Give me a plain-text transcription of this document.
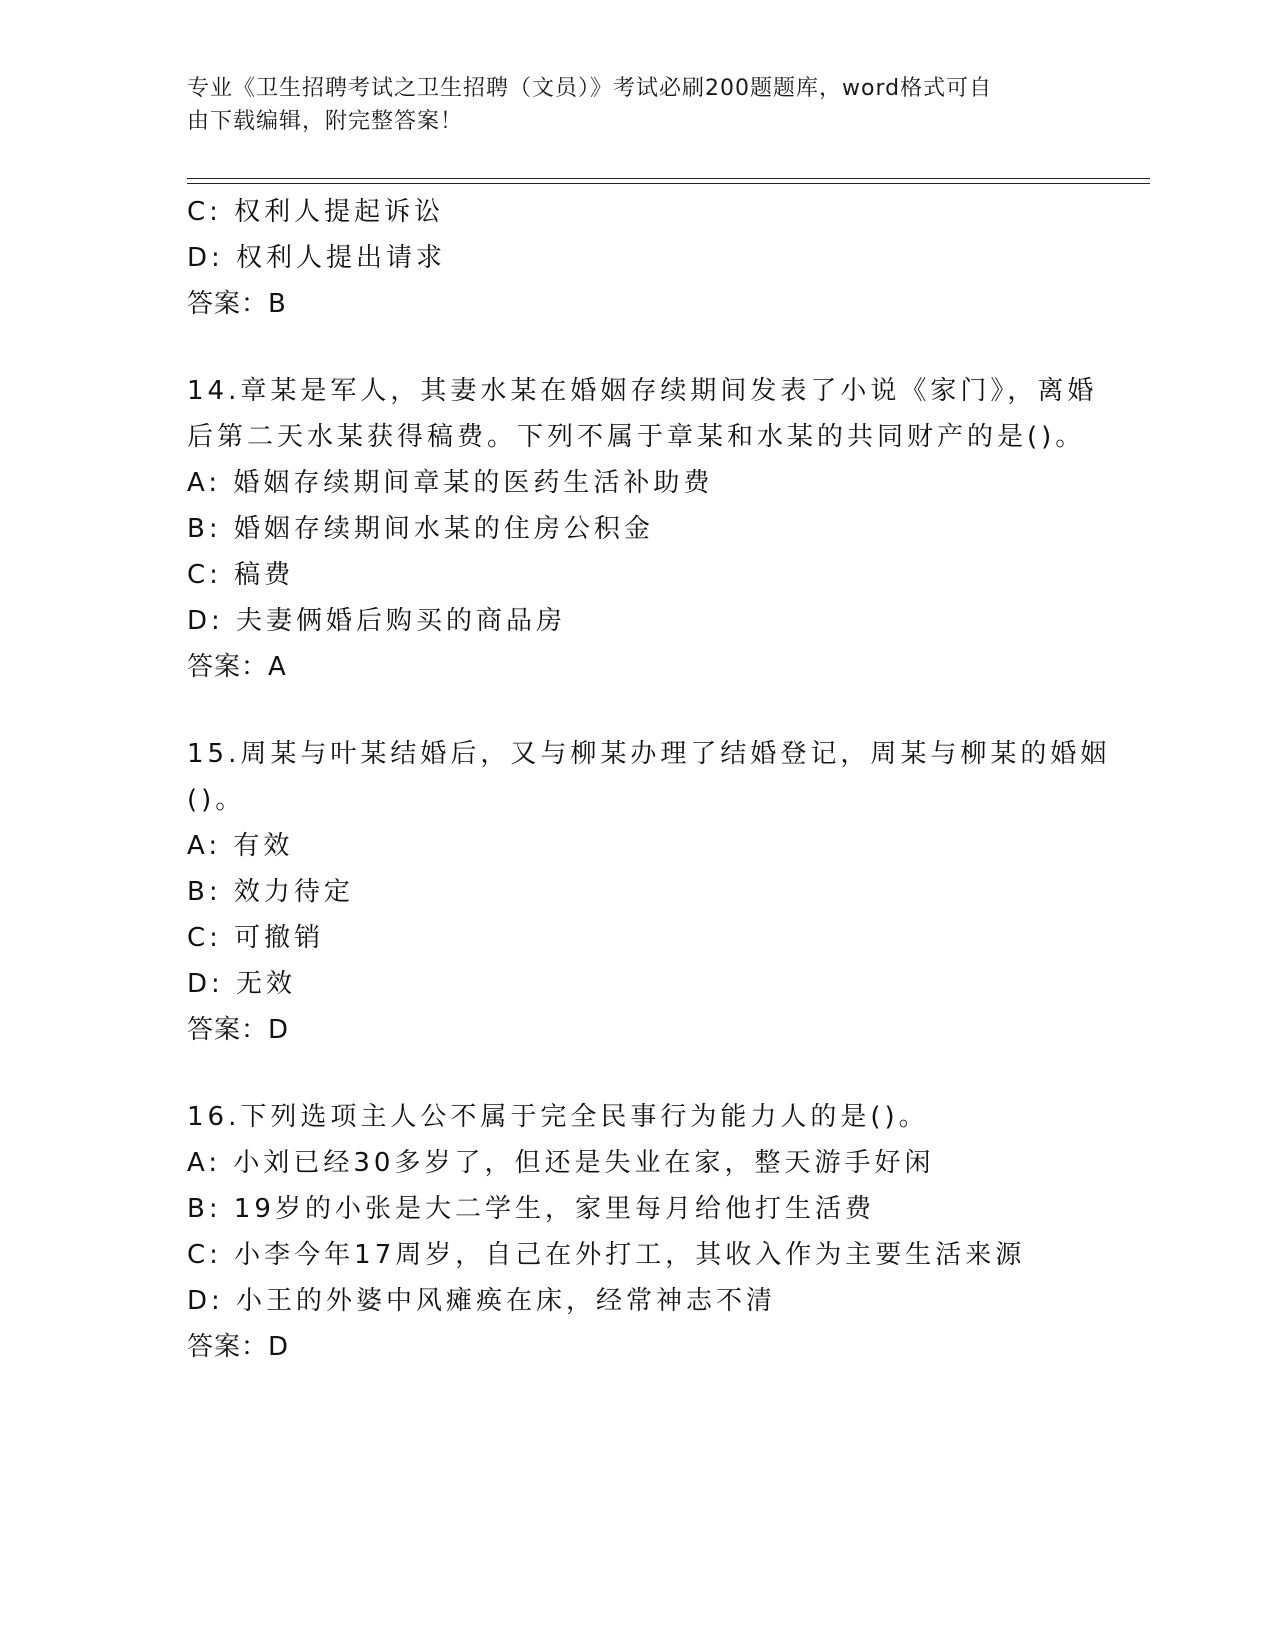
专业《卫生招聘考试之卫生招聘（文员）》考试必刷200题题库，word格式可自
由下载编辑，附完整答案！
C: 权利人提起诉讼
D: 权利人提出请求
答案：B
14.章某是军人，其妻水某在婚姻存续期间发表了小说《家门》，离婚
后第二天水某获得稿费。下列不属于章某和水某的共同财产的是()。
A: 婚姻存续期间章某的医药生活补助费
B: 婚姻存续期间水某的住房公积金
C: 稿费
D: 夫妻俩婚后购买的商品房
答案：A
15.周某与叶某结婚后，又与柳某办理了结婚登记，周某与柳某的婚姻
()。
A: 有效
B: 效力待定
C: 可撤销
D: 无效
答案：D
16.下列选项主人公不属于完全民事行为能力人的是()。
A: 小刘已经30多岁了，但还是失业在家，整天游手好闲
B: 19岁的小张是大二学生，家里每月给他打生活费
C: 小李今年17周岁，自己在外打工，其收入作为主要生活来源
D: 小王的外婆中风瘫痪在床，经常神志不清
答案：D
